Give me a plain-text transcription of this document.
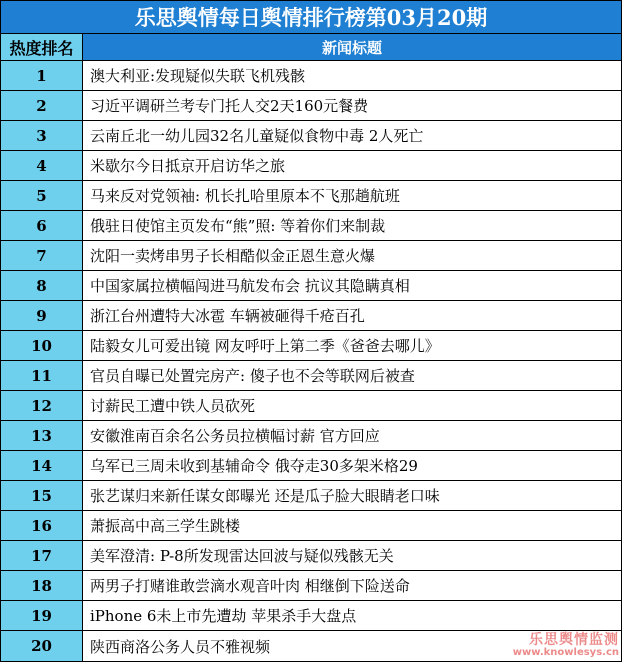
乐思舆情每日舆情排行榜第03月20期
热度排名	新闻标题
1	澳大利亚:发现疑似失联飞机残骸
2	习近平调研兰考专门托人交2天160元餐费
3	云南丘北一幼儿园32名儿童疑似食物中毒 2人死亡
4	米歇尔今日抵京开启访华之旅
5	马来反对党领袖: 机长扎哈里原本不飞那趟航班
6	俄驻日使馆主页发布“熊”照: 等着你们来制裁
7	沈阳一卖烤串男子长相酷似金正恩生意火爆
8	中国家属拉横幅闯进马航发布会 抗议其隐瞒真相
9	浙江台州遭特大冰雹 车辆被砸得千疮百孔
10	陆毅女儿可爱出镜 网友呼吁上第二季《爸爸去哪儿》
11	官员自曝已处置完房产: 傻子也不会等联网后被查
12	讨薪民工遭中铁人员砍死
13	安徽淮南百余名公务员拉横幅讨薪 官方回应
14	乌军已三周未收到基辅命令 俄夺走30多架米格29
15	张艺谋归来新任谋女郎曝光 还是瓜子脸大眼睛老口味
16	萧振高中高三学生跳楼
17	美军澄清: P-8所发现雷达回波与疑似残骸无关
18	两男子打赌谁敢尝滴水观音叶肉 相继倒下险送命
19	iPhone 6未上市先遭劫 苹果杀手大盘点
20	陕西商洛公务人员不雅视频	乐思舆情监测
www.knowlesys.cn
